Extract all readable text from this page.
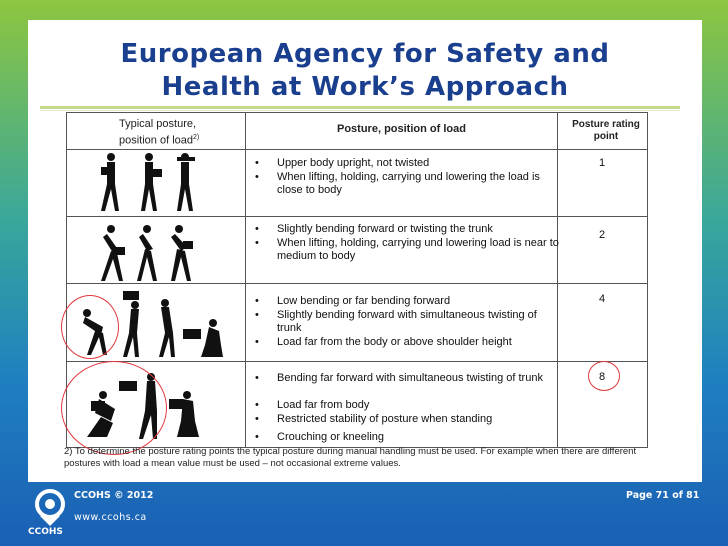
European Agency for Safety and
Health at Work’s Approach
Typical posture,
position of load$^{2)}$
Posture, position of load	Posture rating
point
• Upper body upright, not twisted
• When lifting, holding, carrying und lowering the load is close to body
1
• Slightly bending forward or twisting the trunk
• When lifting, holding, carrying und lowering load is near to medium to body
2
• Low bending or far bending forward
• Slightly bending forward with simultaneous twisting of trunk
• Load far from the body or above shoulder height
4
• Bending far forward with simultaneous twisting of trunk
• Load far from body
• Restricted stability of posture when standing
• Crouching or kneeling
8
2) To determine the posture rating points the typical posture during manual handling must be used. For example when there are different
postures with load a mean value must be used – not occasional extreme values.
CCOHS
CCOHS © 2012
www.ccohs.ca
Page 71 of 81
